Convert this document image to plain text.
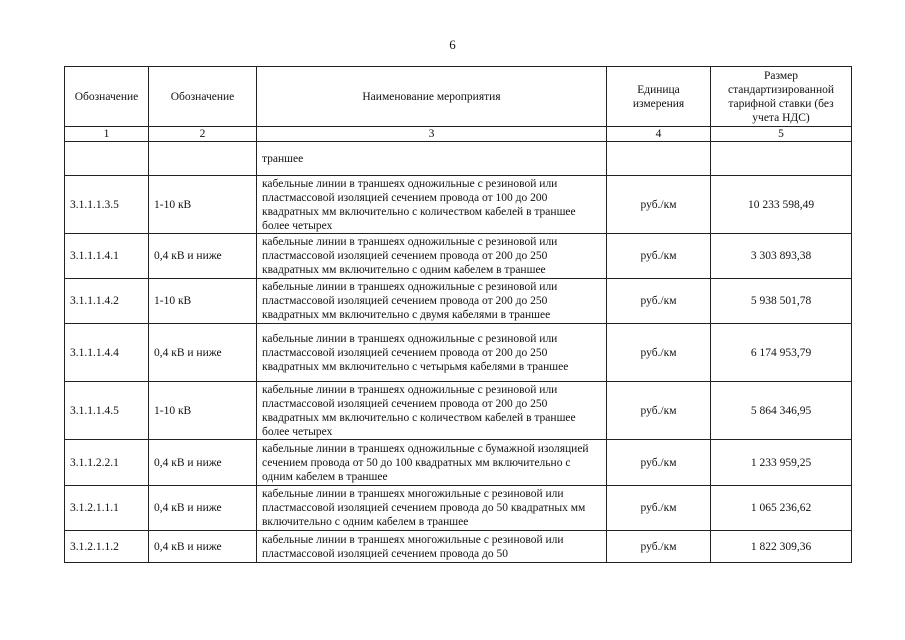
6
Обозначение	Обозначение	Наименование мероприятия	Единица измерения	Размер стандартизированной тарифной ставки (без учета НДС)
1	2	3	4	5
		траншее		
3.1.1.1.3.5	1-10 кВ	кабельные линии в траншеях одножильные с резиновой или пластмассовой изоляцией сечением провода от 100 до 200 квадратных мм включительно с количеством кабелей в траншее более четырех	руб./км	10 233 598,49
3.1.1.1.4.1	0,4 кВ и ниже	кабельные линии в траншеях одножильные с резиновой или пластмассовой изоляцией сечением провода от 200 до 250 квадратных мм включительно с одним кабелем в траншее	руб./км	3 303 893,38
3.1.1.1.4.2	1-10 кВ	кабельные линии в траншеях одножильные с резиновой или пластмассовой изоляцией сечением провода от 200 до 250 квадратных мм включительно с двумя кабелями в траншее	руб./км	5 938 501,78
3.1.1.1.4.4	0,4 кВ и ниже	кабельные линии в траншеях одножильные с резиновой или пластмассовой изоляцией сечением провода от 200 до 250 квадратных мм включительно с четырьмя кабелями в траншее	руб./км	6 174 953,79
3.1.1.1.4.5	1-10 кВ	кабельные линии в траншеях одножильные с резиновой или пластмассовой изоляцией сечением провода от 200 до 250 квадратных мм включительно с количеством кабелей в траншее более четырех	руб./км	5 864 346,95
3.1.1.2.2.1	0,4 кВ и ниже	кабельные линии в траншеях одножильные с бумажной изоляцией сечением провода от 50 до 100 квадратных мм включительно с одним кабелем в траншее	руб./км	1 233 959,25
3.1.2.1.1.1	0,4 кВ и ниже	кабельные линии в траншеях многожильные с резиновой или пластмассовой изоляцией сечением провода до 50 квадратных мм включительно с одним кабелем в траншее	руб./км	1 065 236,62
3.1.2.1.1.2	0,4 кВ и ниже	кабельные линии в траншеях многожильные с резиновой или пластмассовой изоляцией сечением провода до 50	руб./км	1 822 309,36
